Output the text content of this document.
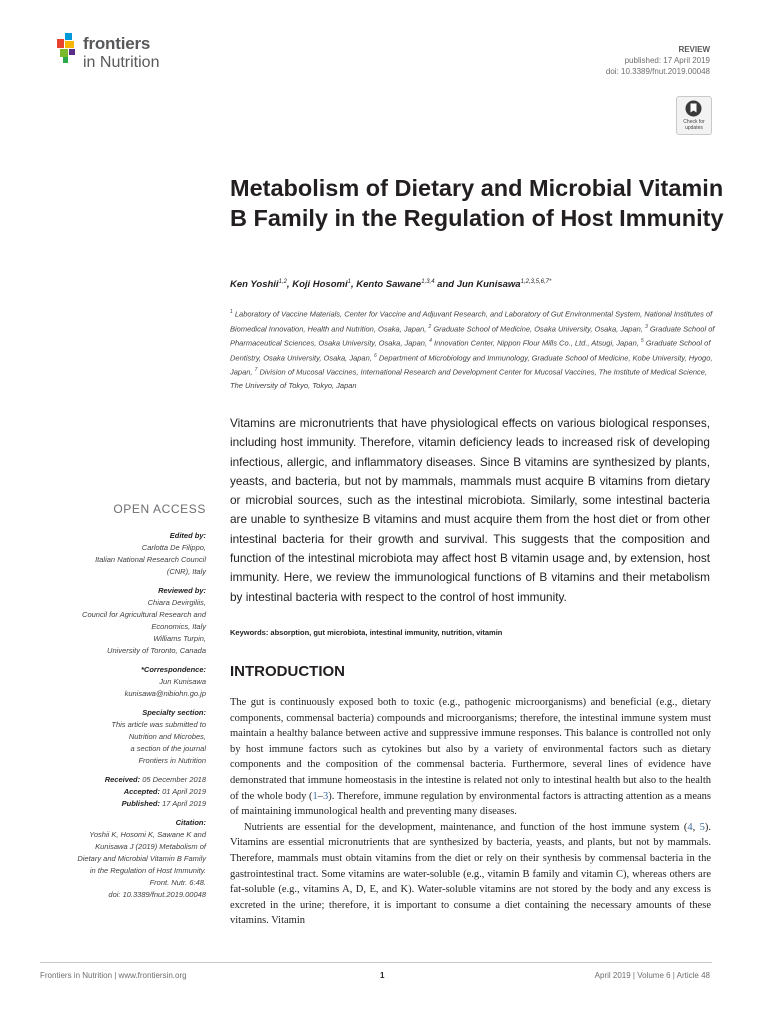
frontiers
in Nutrition
REVIEW
published: 17 April 2019
doi: 10.3389/fnut.2019.00048
Check for
updates
Metabolism of Dietary and Microbial Vitamin B Family in the Regulation of Host Immunity
Ken Yoshii$^{1,2}$, Koji Hosomi$^1$, Kento Sawane$^{1,3,4}$ and Jun Kunisawa$^{1,2,3,5,6,7*}$
$^1$ Laboratory of Vaccine Materials, Center for Vaccine and Adjuvant Research, and Laboratory of Gut Environmental System, National Institutes of Biomedical Innovation, Health and Nutrition, Osaka, Japan, $^2$ Graduate School of Medicine, Osaka University, Osaka, Japan, $^3$ Graduate School of Pharmaceutical Sciences, Osaka University, Osaka, Japan, $^4$ Innovation Center, Nippon Flour Mills Co., Ltd., Atsugi, Japan, $^5$ Graduate School of Dentistry, Osaka University, Osaka, Japan, $^6$ Department of Microbiology and Immunology, Graduate School of Medicine, Kobe University, Hyogo, Japan, $^7$ Division of Mucosal Vaccines, International Research and Development Center for Mucosal Vaccines, The Institute of Medical Science, The University of Tokyo, Tokyo, Japan
Vitamins are micronutrients that have physiological effects on various biological responses, including host immunity. Therefore, vitamin deficiency leads to increased risk of developing infectious, allergic, and inflammatory diseases. Since B vitamins are synthesized by plants, yeasts, and bacteria, but not by mammals, mammals must acquire B vitamins from dietary or microbial sources, such as the intestinal microbiota. Similarly, some intestinal bacteria are unable to synthesize B vitamins and must acquire them from the host diet or from other intestinal bacteria for their growth and survival. This suggests that the composition and function of the intestinal microbiota may affect host B vitamin usage and, by extension, host immunity. Here, we review the immunological functions of B vitamins and their metabolism by intestinal bacteria with respect to the control of host immunity.
Keywords: absorption, gut microbiota, intestinal immunity, nutrition, vitamin
OPEN ACCESS
Edited by:
Carlotta De Filippo,
Italian National Research Council
(CNR), Italy
Reviewed by:
Chiara Devirgiliis,
Council for Agricultural Research and
Economics, Italy
Williams Turpin,
University of Toronto, Canada
*Correspondence:
Jun Kunisawa
kunisawa@nibiohn.go.jp
Specialty section:
This article was submitted to
Nutrition and Microbes,
a section of the journal
Frontiers in Nutrition
Received: 05 December 2018
Accepted: 01 April 2019
Published: 17 April 2019
Citation:
Yoshii K, Hosomi K, Sawane K and
Kunisawa J (2019) Metabolism of
Dietary and Microbial Vitamin B Family
in the Regulation of Host Immunity.
Front. Nutr. 6:48.
doi: 10.3389/fnut.2019.00048
INTRODUCTION

The gut is continuously exposed both to toxic (e.g., pathogenic microorganisms) and beneficial (e.g., dietary components, commensal bacteria) compounds and microorganisms; therefore, the intestinal immune system must maintain a healthy balance between active and suppressive immune responses. This balance is controlled not only by host immune factors such as cytokines but also by a variety of environmental factors such as dietary components and the composition of the commensal bacteria. Furthermore, several lines of evidence have demonstrated that immune homeostasis in the intestine is related not only to intestinal health but also to the health of the whole body (1–3). Therefore, immune regulation by environmental factors is attracting attention as a means of maintaining immunological health and preventing many diseases.

Nutrients are essential for the development, maintenance, and function of the host immune system (4, 5). Vitamins are essential micronutrients that are synthesized by bacteria, yeasts, and plants, but not by mammals. Therefore, mammals must obtain vitamins from the diet or rely on their synthesis by commensal bacteria in the gastrointestinal tract. Some vitamins are water-soluble (e.g., vitamin B family and vitamin C), whereas others are fat-soluble (e.g., vitamins A, D, E, and K). Water-soluble vitamins are not stored by the body and any excess is excreted in the urine; therefore, it is important to consume a diet containing the necessary amounts of these vitamins. Vitamin

Frontiers in Nutrition | www.frontiersin.org	1	April 2019 | Volume 6 | Article 48
